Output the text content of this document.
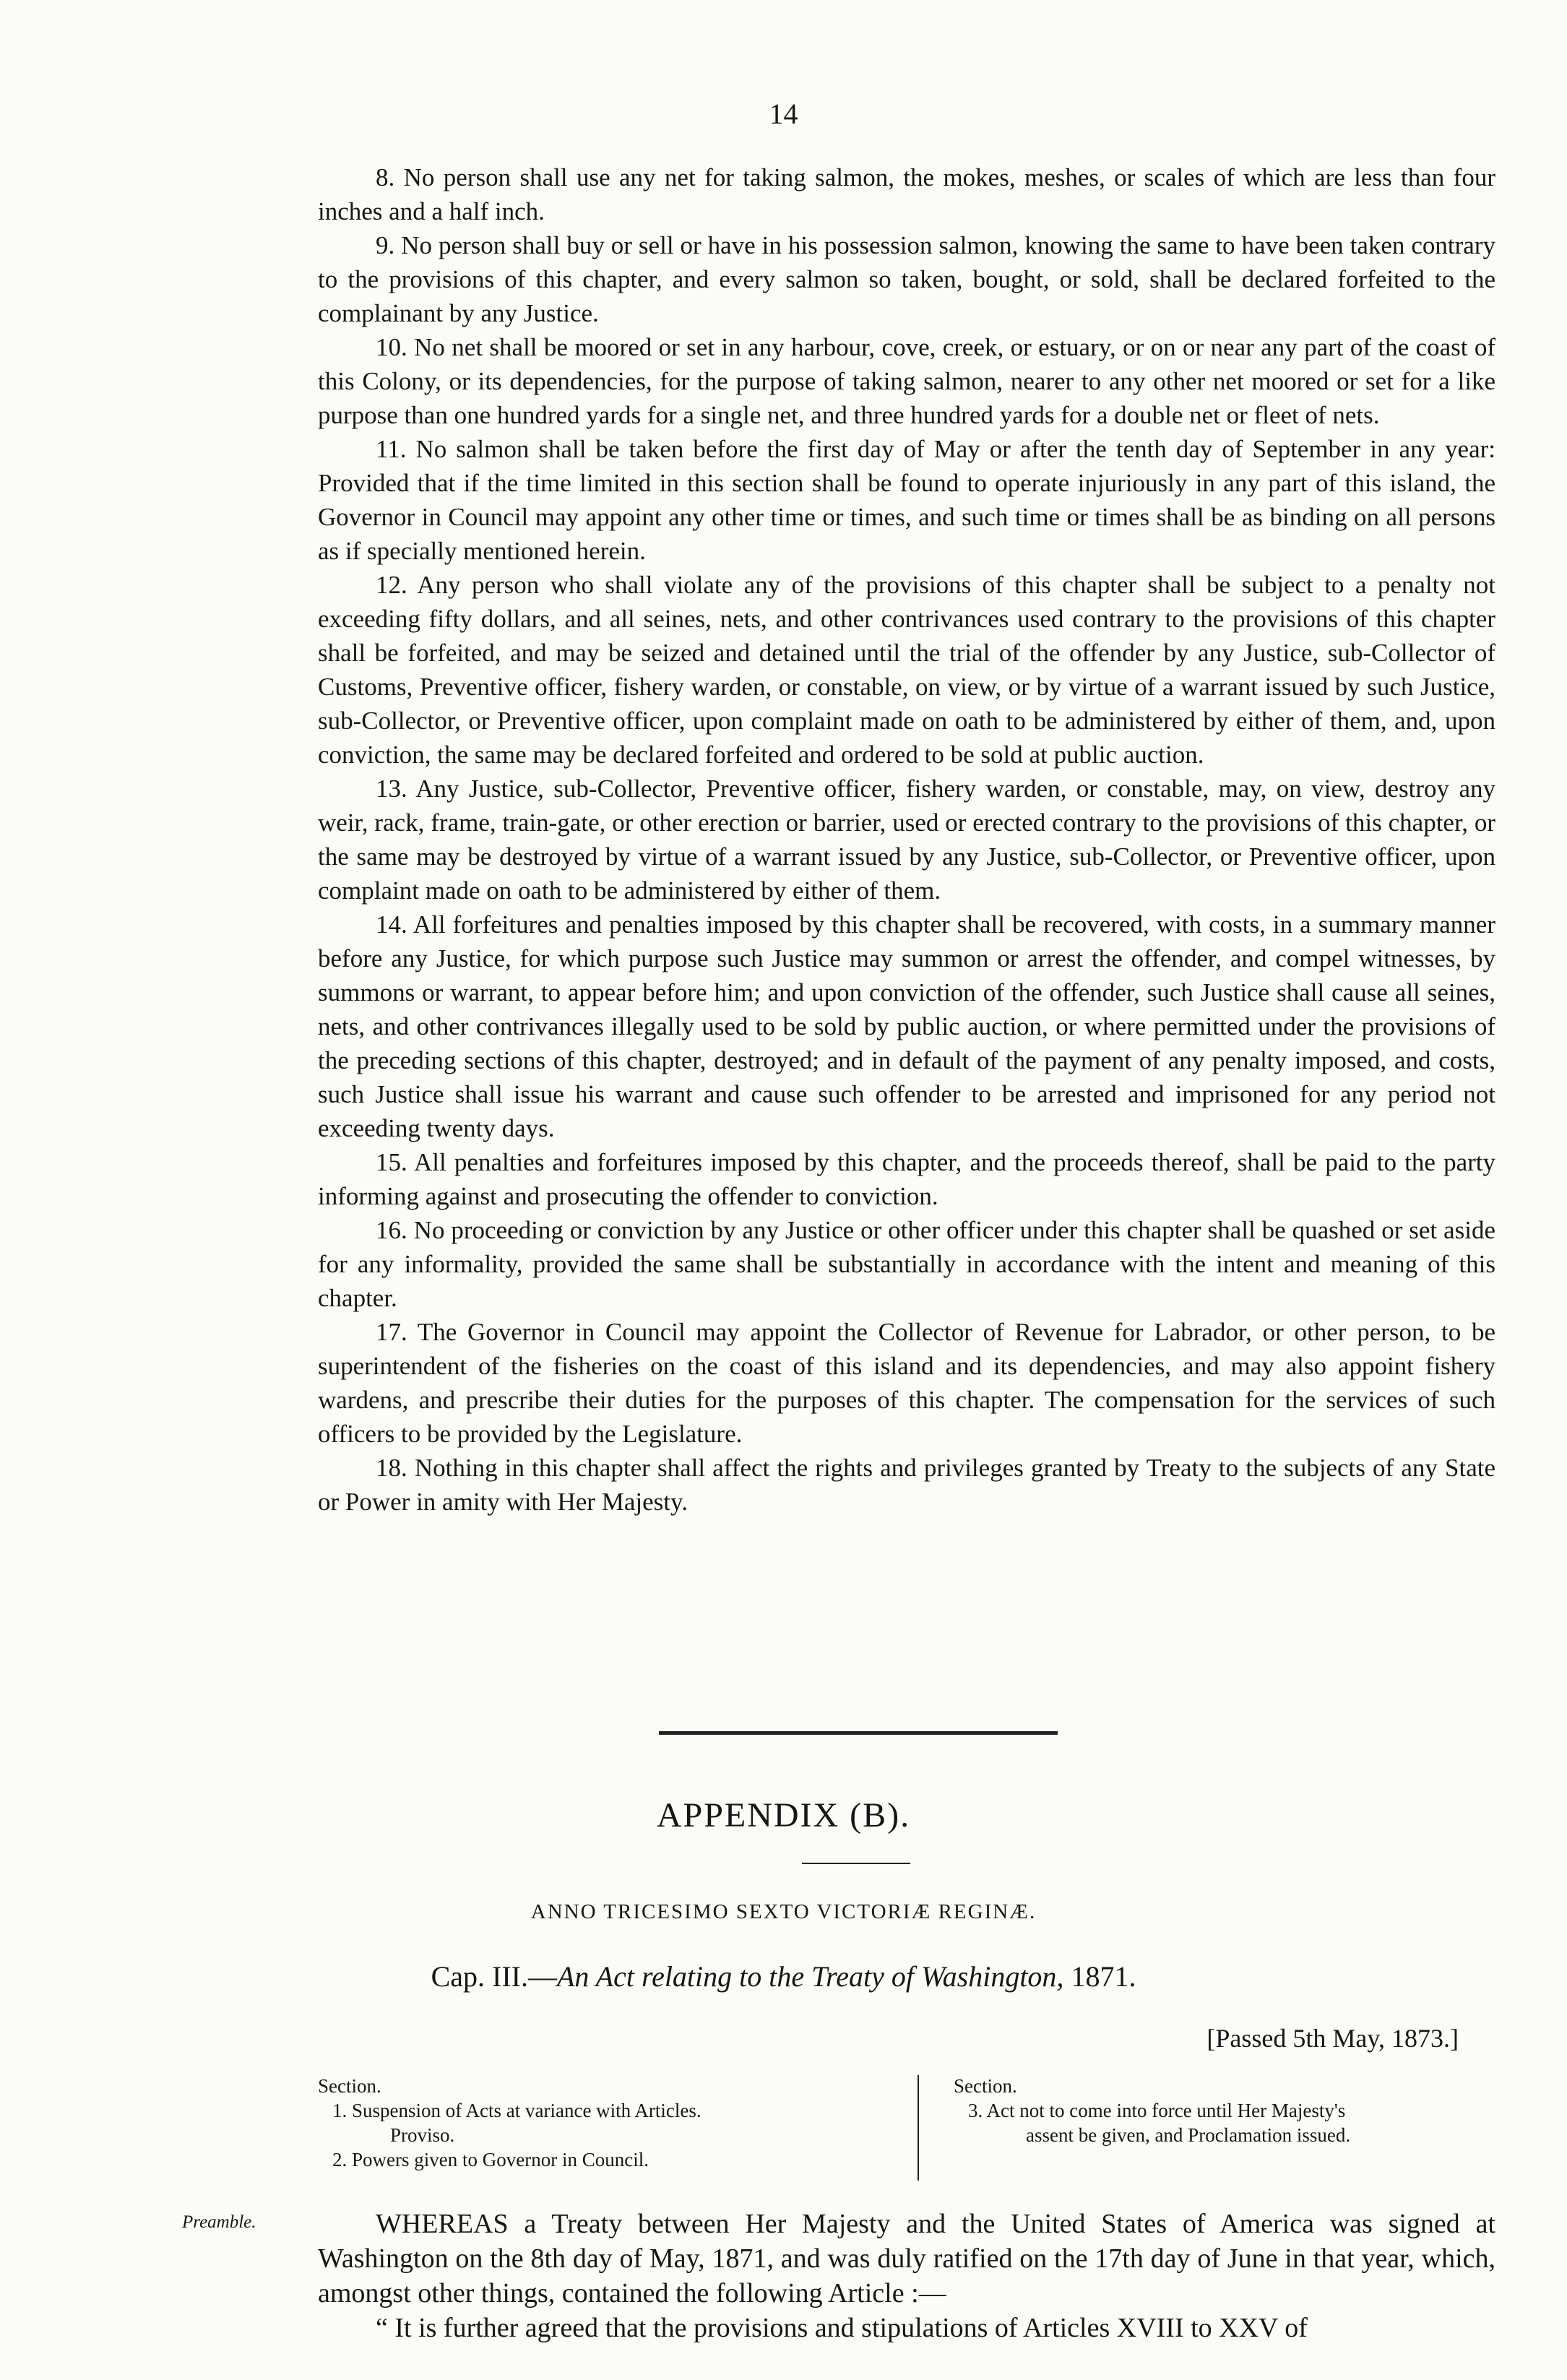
14

8. No person shall use any net for taking salmon, the mokes, meshes, or scales of which are less than four inches and a half inch.

9. No person shall buy or sell or have in his possession salmon, knowing the same to have been taken contrary to the provisions of this chapter, and every salmon so taken, bought, or sold, shall be declared forfeited to the complainant by any Justice.

10. No net shall be moored or set in any harbour, cove, creek, or estuary, or on or near any part of the coast of this Colony, or its dependencies, for the purpose of taking salmon, nearer to any other net moored or set for a like purpose than one hundred yards for a single net, and three hundred yards for a double net or fleet of nets.

11. No salmon shall be taken before the first day of May or after the tenth day of September in any year: Provided that if the time limited in this section shall be found to operate injuriously in any part of this island, the Governor in Council may appoint any other time or times, and such time or times shall be as binding on all persons as if specially mentioned herein.

12. Any person who shall violate any of the provisions of this chapter shall be subject to a penalty not exceeding fifty dollars, and all seines, nets, and other contrivances used contrary to the provisions of this chapter shall be forfeited, and may be seized and detained until the trial of the offender by any Justice, sub-Collector of Customs, Preventive officer, fishery warden, or constable, on view, or by virtue of a warrant issued by such Justice, sub-Collector, or Preventive officer, upon complaint made on oath to be administered by either of them, and, upon conviction, the same may be declared forfeited and ordered to be sold at public auction.

13. Any Justice, sub-Collector, Preventive officer, fishery warden, or constable, may, on view, destroy any weir, rack, frame, train-gate, or other erection or barrier, used or erected contrary to the provisions of this chapter, or the same may be destroyed by virtue of a warrant issued by any Justice, sub-Collector, or Preventive officer, upon complaint made on oath to be administered by either of them.

14. All forfeitures and penalties imposed by this chapter shall be recovered, with costs, in a summary manner before any Justice, for which purpose such Justice may summon or arrest the offender, and compel witnesses, by summons or warrant, to appear before him; and upon conviction of the offender, such Justice shall cause all seines, nets, and other contrivances illegally used to be sold by public auction, or where permitted under the provisions of the preceding sections of this chapter, destroyed; and in default of the payment of any penalty imposed, and costs, such Justice shall issue his warrant and cause such offender to be arrested and imprisoned for any period not exceeding twenty days.

15. All penalties and forfeitures imposed by this chapter, and the proceeds thereof, shall be paid to the party informing against and prosecuting the offender to conviction.

16. No proceeding or conviction by any Justice or other officer under this chapter shall be quashed or set aside for any informality, provided the same shall be substantially in accordance with the intent and meaning of this chapter.

17. The Governor in Council may appoint the Collector of Revenue for Labrador, or other person, to be superintendent of the fisheries on the coast of this island and its dependencies, and may also appoint fishery wardens, and prescribe their duties for the purposes of this chapter. The compensation for the services of such officers to be provided by the Legislature.

18. Nothing in this chapter shall affect the rights and privileges granted by Treaty to the subjects of any State or Power in amity with Her Majesty.

APPENDIX (B).
ANNO TRICESIMO SEXTO VICTORIÆ REGINÆ.
Cap. III.—An Act relating to the Treaty of Washington, 1871.
[Passed 5th May, 1873.]
Section.
1. Suspension of Acts at variance with Articles.
Proviso.
2. Powers given to Governor in Council.
Section.
3. Act not to come into force until Her Majesty's
assent be given, and Proclamation issued.
Preamble.	WHEREAS a Treaty between Her Majesty and the United States of America was signed at Washington on the 8th day of May, 1871, and was duly ratified on the 17th day of June in that year, which, amongst other things, contained the following Article :—

“ It is further agreed that the provisions and stipulations of Articles XVIII to XXV of
